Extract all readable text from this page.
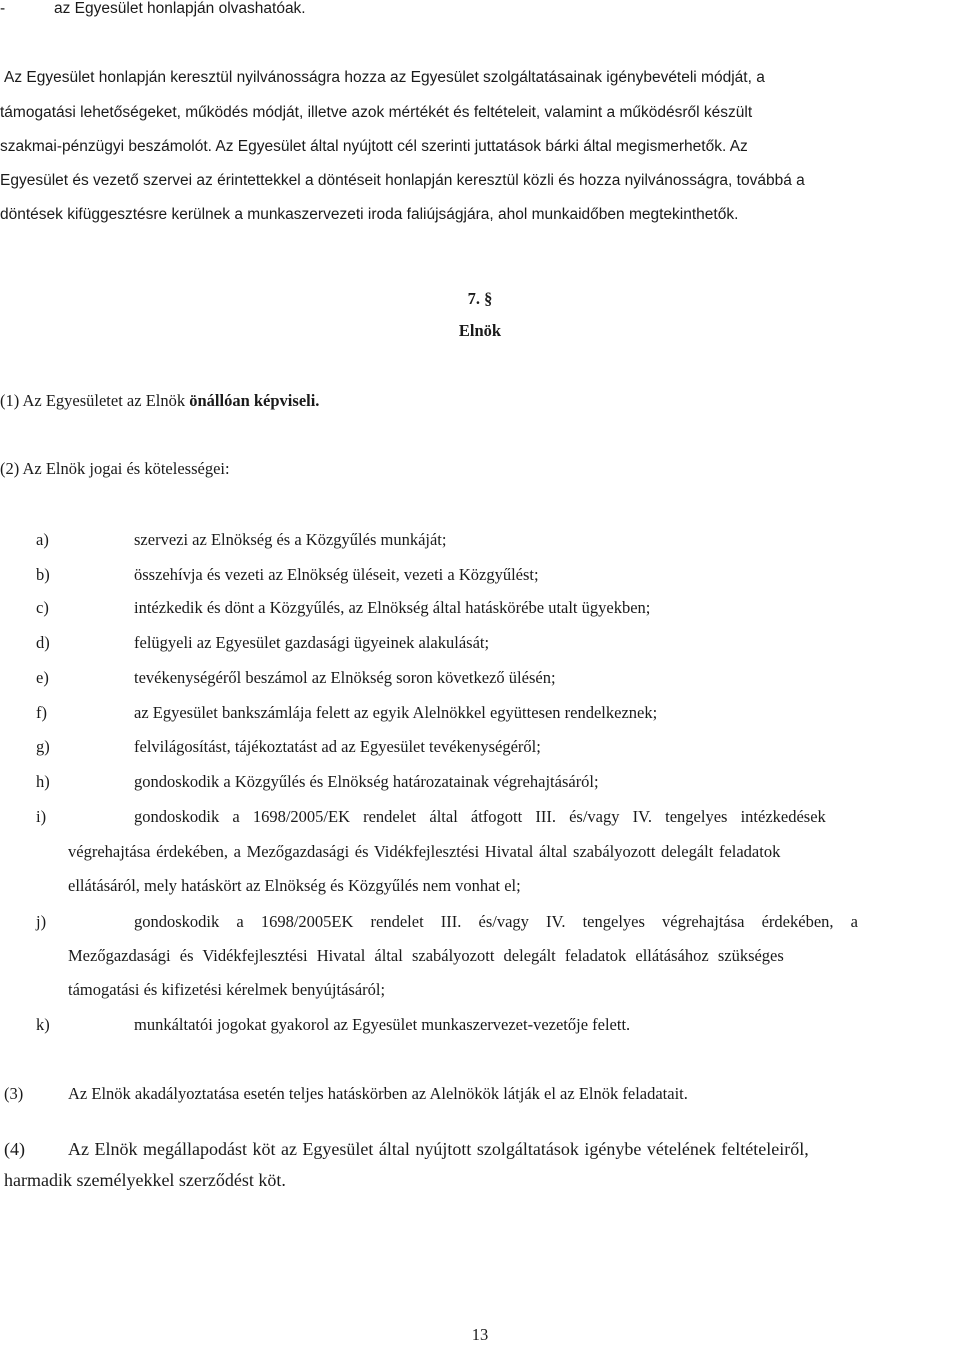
-	az Egyesület honlapján olvashatóak.
Az Egyesület honlapján keresztül nyilvánosságra hozza az Egyesület szolgáltatásainak igénybevételi módját, a
támogatási lehetőségeket, működés módját, illetve azok mértékét és feltételeit, valamint a működésről készült
szakmai-pénzügyi beszámolót. Az Egyesület által nyújtott cél szerinti juttatások bárki által megismerhetők. Az
Egyesület és vezető szervei az érintettekkel a döntéseit honlapján keresztül közli és hozza nyilvánosságra, továbbá a
döntések kifüggesztésre kerülnek a munkaszervezeti iroda faliújságjára, ahol munkaidőben megtekinthetők.
7. §
Elnök
(1) Az Egyesületet az Elnök önállóan képviseli.
(2) Az Elnök jogai és kötelességei:
a)	szervezi az Elnökség és a Közgyűlés munkáját;
b)	összehívja és vezeti az Elnökség üléseit, vezeti a Közgyűlést;
c)	intézkedik és dönt a Közgyűlés, az Elnökség által hatáskörébe utalt ügyekben;
d)	felügyeli az Egyesület gazdasági ügyeinek alakulását;
e)	tevékenységéről beszámol az Elnökség soron következő ülésén;
f)	az Egyesület bankszámlája felett az egyik Alelnökkel együttesen rendelkeznek;
g)	felvilágosítást, tájékoztatást ad az Egyesület tevékenységéről;
h)	gondoskodik a Közgyűlés és Elnökség határozatainak végrehajtásáról;
i)	gondoskodik a 1698/2005/EK rendelet által átfogott III. és/vagy IV. tengelyes intézkedések
végrehajtása érdekében, a Mezőgazdasági és Vidékfejlesztési Hivatal által szabályozott delegált feladatok
ellátásáról, mely hatáskört az Elnökség és Közgyűlés nem vonhat el;
j)	gondoskodik a 1698/2005EK rendelet III. és/vagy IV. tengelyes végrehajtása érdekében, a
Mezőgazdasági és Vidékfejlesztési Hivatal által szabályozott delegált feladatok ellátásához szükséges
támogatási és kifizetési kérelmek benyújtásáról;
k)	munkáltatói jogokat gyakorol az Egyesület munkaszervezet-vezetője felett.
(3)	Az Elnök akadályoztatása esetén teljes hatáskörben az Alelnökök látják el az Elnök feladatait.
(4) Az Elnök megállapodást köt az Egyesület által nyújtott szolgáltatások igénybe vételének feltételeiről,
harmadik személyekkel szerződést köt.
13
